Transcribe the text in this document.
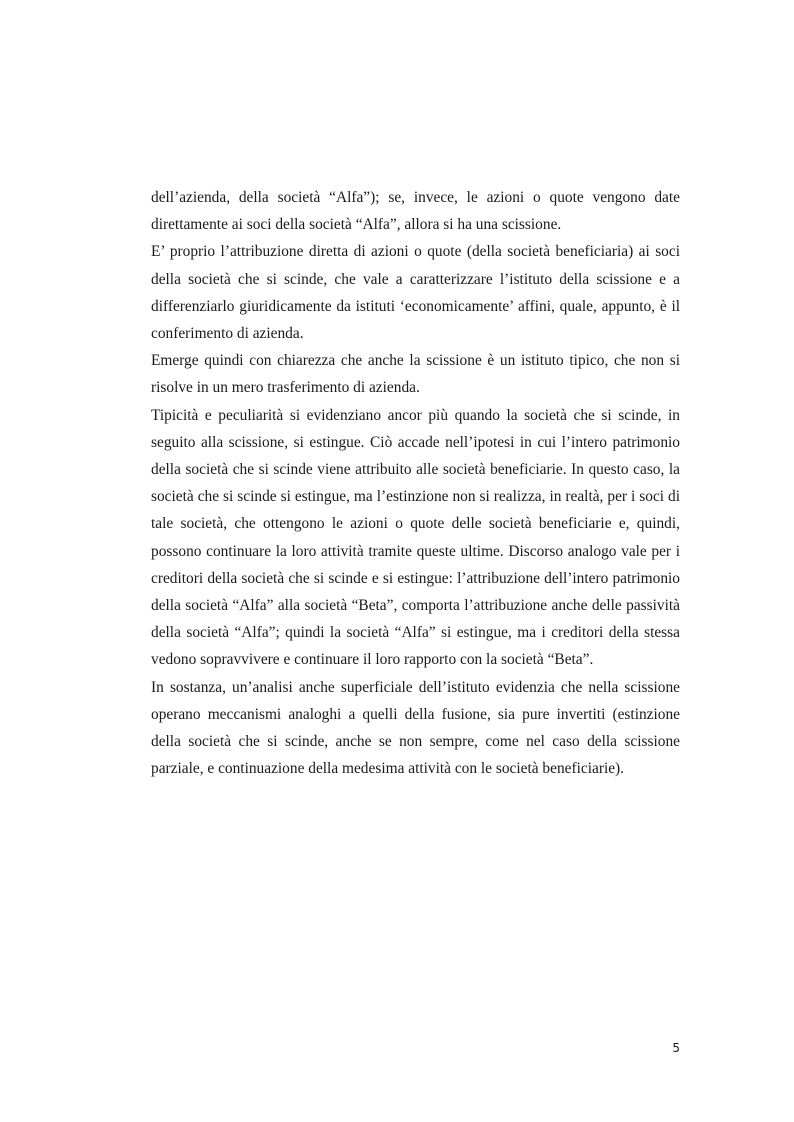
dell’azienda, della società “Alfa”); se, invece, le azioni o quote vengono date direttamente ai soci della società “Alfa”, allora si ha una scissione.

E’ proprio l’attribuzione diretta di azioni o quote (della società beneficiaria) ai soci della società che si scinde, che vale a caratterizzare l’istituto della scissione e a differenziarlo giuridicamente da istituti ‘economicamente’ affini, quale, appunto, è il conferimento di azienda.

Emerge quindi con chiarezza che anche la scissione è un istituto tipico, che non si risolve in un mero trasferimento di azienda.

Tipicità e peculiarità si evidenziano ancor più quando la società che si scinde, in seguito alla scissione, si estingue. Ciò accade nell’ipotesi in cui l’intero patrimonio della società che si scinde viene attribuito alle società beneficiarie. In questo caso, la società che si scinde si estingue, ma l’estinzione non si realizza, in realtà, per i soci di tale società, che ottengono le azioni o quote delle società beneficiarie e, quindi, possono continuare la loro attività tramite queste ultime. Discorso analogo vale per i creditori della società che si scinde e si estingue: l’attribuzione dell’intero patrimonio della società “Alfa” alla società “Beta”, comporta l’attribuzione anche delle passività della società “Alfa”; quindi la società “Alfa” si estingue, ma i creditori della stessa vedono sopravvivere e continuare il loro rapporto con la società “Beta”.

In sostanza, un’analisi anche superficiale dell’istituto evidenzia che nella scissione operano meccanismi analoghi a quelli della fusione, sia pure invertiti (estinzione della società che si scinde, anche se non sempre, come nel caso della scissione parziale, e continuazione della medesima attività con le società beneficiarie).

5
